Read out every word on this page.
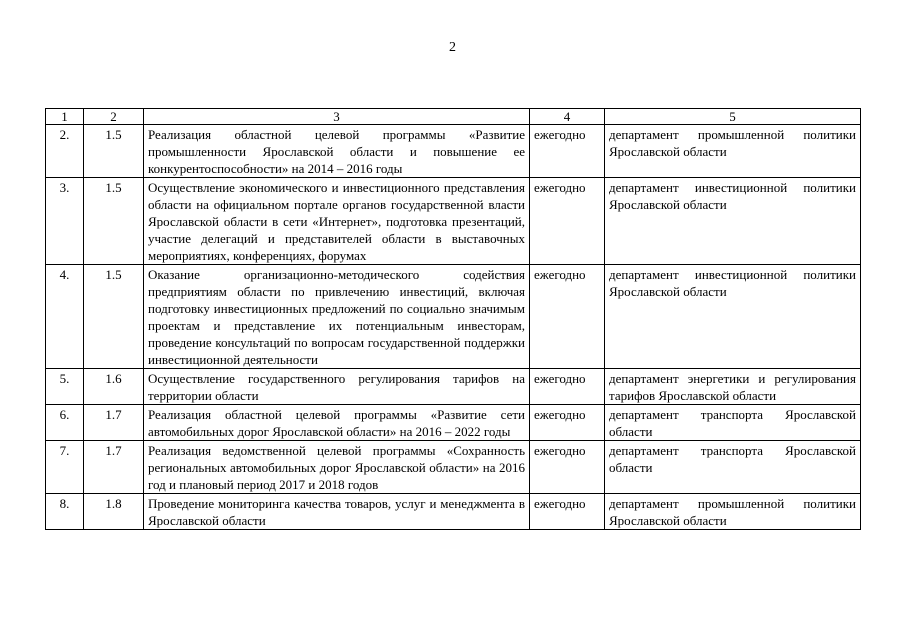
2
1	2	3	4	5
2.	1.5	Реализация областной целевой программы «Развитие промышленности Ярославской области и повышение ее конкурентоспособности» на 2014 – 2016 годы	ежегодно	департамент промышленной политики Ярославской области
3.	1.5	Осуществление экономического и инвестиционного представления области на официальном портале органов государственной власти Ярославской области в сети «Интернет», подготовка презентаций, участие делегаций и представителей области в выставочных мероприятиях, конференциях, форумах	ежегодно	департамент инвестиционной политики Ярославской области
4.	1.5	Оказание организационно-методического содействия предприятиям области по привлечению инвестиций, включая подготовку инвестиционных предложений по социально значимым проектам и представление их потенциальным инвесторам, проведение консультаций по вопросам государственной поддержки инвестиционной деятельности	ежегодно	департамент инвестиционной политики Ярославской области
5.	1.6	Осуществление государственного регулирования тарифов на территории области	ежегодно	департамент энергетики и регулирования тарифов Ярославской области
6.	1.7	Реализация областной целевой программы «Развитие сети автомобильных дорог Ярославской области» на 2016 – 2022 годы	ежегодно	департамент транспорта Ярославской области
7.	1.7	Реализация ведомственной целевой программы «Сохранность региональных автомобильных дорог Ярославской области» на 2016 год и плановый период 2017 и 2018 годов	ежегодно	департамент транспорта Ярославской области
8.	1.8	Проведение мониторинга качества товаров, услуг и менеджмента в Ярославской области	ежегодно	департамент промышленной политики Ярославской области
